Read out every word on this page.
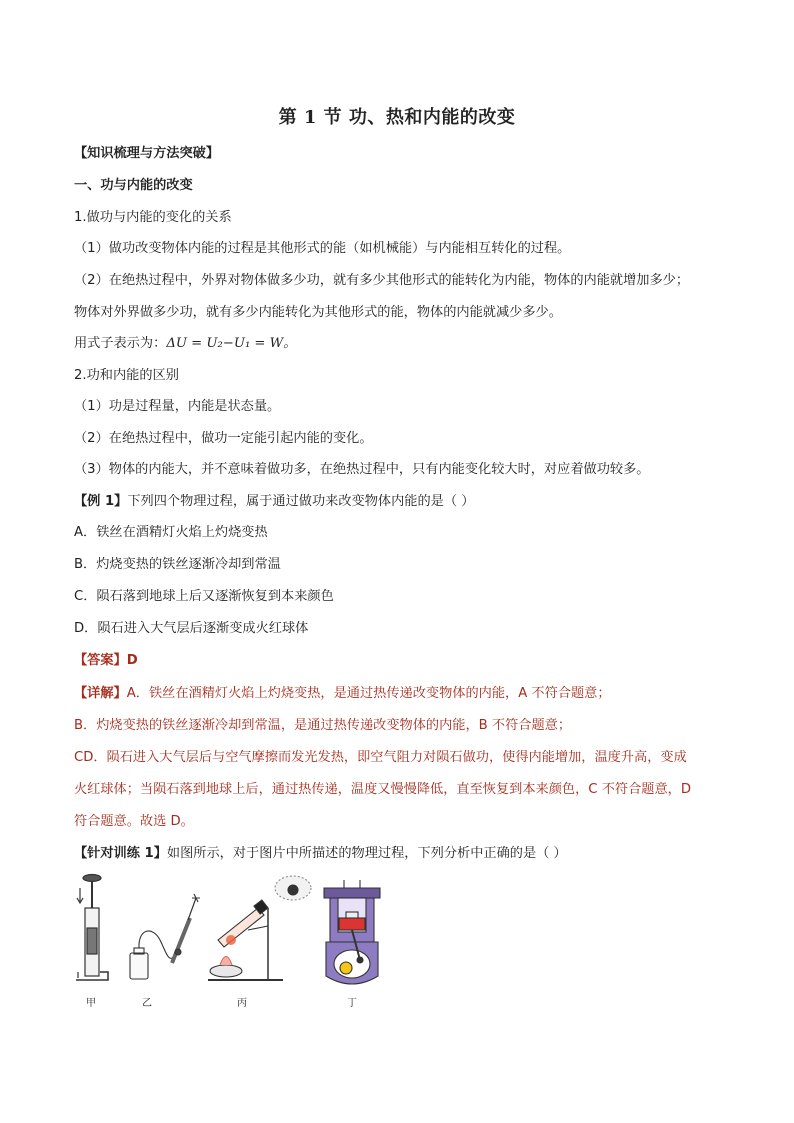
第 1 节 功、热和内能的改变
【知识梳理与方法突破】
一、功与内能的改变
1.做功与内能的变化的关系
（1）做功改变物体内能的过程是其他形式的能（如机械能）与内能相互转化的过程。
（2）在绝热过程中，外界对物体做多少功，就有多少其他形式的能转化为内能，物体的内能就增加多少；
物体对外界做多少功，就有多少内能转化为其他形式的能，物体的内能就减少多少。
用式子表示为：ΔU = U₂−U₁ = W。
2.功和内能的区别
（1）功是过程量，内能是状态量。
（2）在绝热过程中，做功一定能引起内能的变化。
（3）物体的内能大，并不意味着做功多，在绝热过程中，只有内能变化较大时，对应着做功较多。
【例 1】下列四个物理过程，属于通过做功来改变物体内能的是（ ）
A．铁丝在酒精灯火焰上灼烧变热
B．灼烧变热的铁丝逐渐冷却到常温
C．陨石落到地球上后又逐渐恢复到本来颜色
D．陨石进入大气层后逐渐变成火红球体
【答案】D
【详解】A．铁丝在酒精灯火焰上灼烧变热，是通过热传递改变物体的内能，A 不符合题意；
B．灼烧变热的铁丝逐渐冷却到常温，是通过热传递改变物体的内能，B 不符合题意；
CD．陨石进入大气层后与空气摩擦而发光发热，即空气阻力对陨石做功，使得内能增加，温度升高，变成
火红球体；当陨石落到地球上后，通过热传递，温度又慢慢降低，直至恢复到本来颜色，C 不符合题意，D
符合题意。故选 D。
【针对训练 1】如图所示，对于图片中所描述的物理过程，下列分析中正确的是（ ）
甲	乙	丙	丁
